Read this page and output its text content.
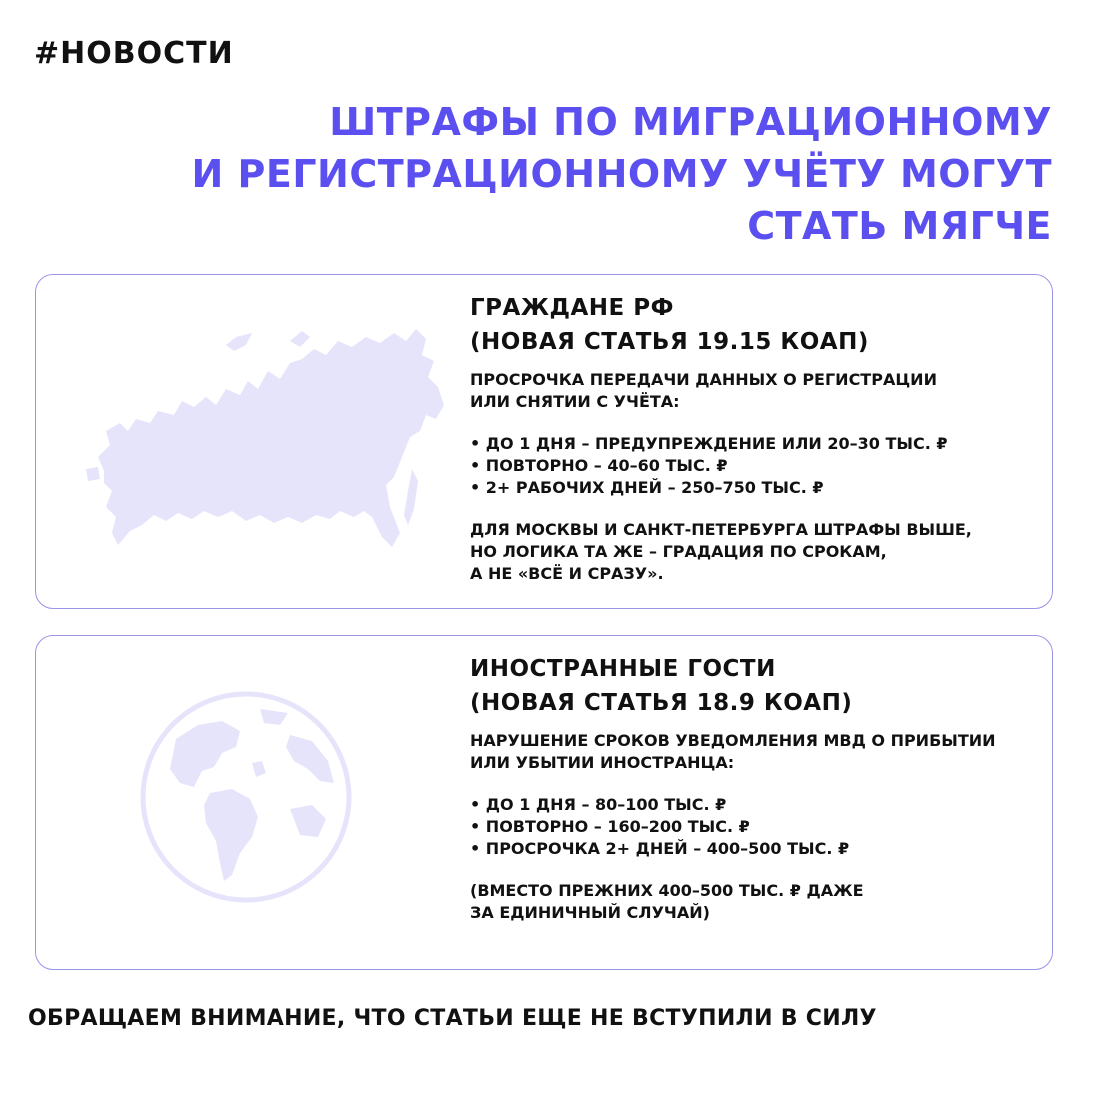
#НОВОСТИ
ШТРАФЫ ПО МИГРАЦИОННОМУ
И РЕГИСТРАЦИОННОМУ УЧЁТУ МОГУТ
СТАТЬ МЯГЧЕ
ГРАЖДАНЕ РФ
(НОВАЯ СТАТЬЯ 19.15 КОАП)
ПРОСРОЧКА ПЕРЕДАЧИ ДАННЫХ О РЕГИСТРАЦИИ
ИЛИ СНЯТИИ С УЧЁТА:
• ДО 1 ДНЯ – ПРЕДУПРЕЖДЕНИЕ ИЛИ 20–30 ТЫС. ₽
• ПОВТОРНО – 40–60 ТЫС. ₽
• 2+ РАБОЧИХ ДНЕЙ – 250–750 ТЫС. ₽
ДЛЯ МОСКВЫ И САНКТ-ПЕТЕРБУРГА ШТРАФЫ ВЫШЕ,
НО ЛОГИКА ТА ЖЕ – ГРАДАЦИЯ ПО СРОКАМ,
А НЕ «ВСЁ И СРАЗУ».
ИНОСТРАННЫЕ ГОСТИ
(НОВАЯ СТАТЬЯ 18.9 КОАП)
НАРУШЕНИЕ СРОКОВ УВЕДОМЛЕНИЯ МВД О ПРИБЫТИИ
ИЛИ УБЫТИИ ИНОСТРАНЦА:
• ДО 1 ДНЯ – 80–100 ТЫС. ₽
• ПОВТОРНО – 160–200 ТЫС. ₽
• ПРОСРОЧКА 2+ ДНЕЙ – 400–500 ТЫС. ₽
(ВМЕСТО ПРЕЖНИХ 400–500 ТЫС. ₽ ДАЖЕ
ЗА ЕДИНИЧНЫЙ СЛУЧАЙ)
ОБРАЩАЕМ ВНИМАНИЕ, ЧТО СТАТЬИ ЕЩЕ НЕ ВСТУПИЛИ В СИЛУ
